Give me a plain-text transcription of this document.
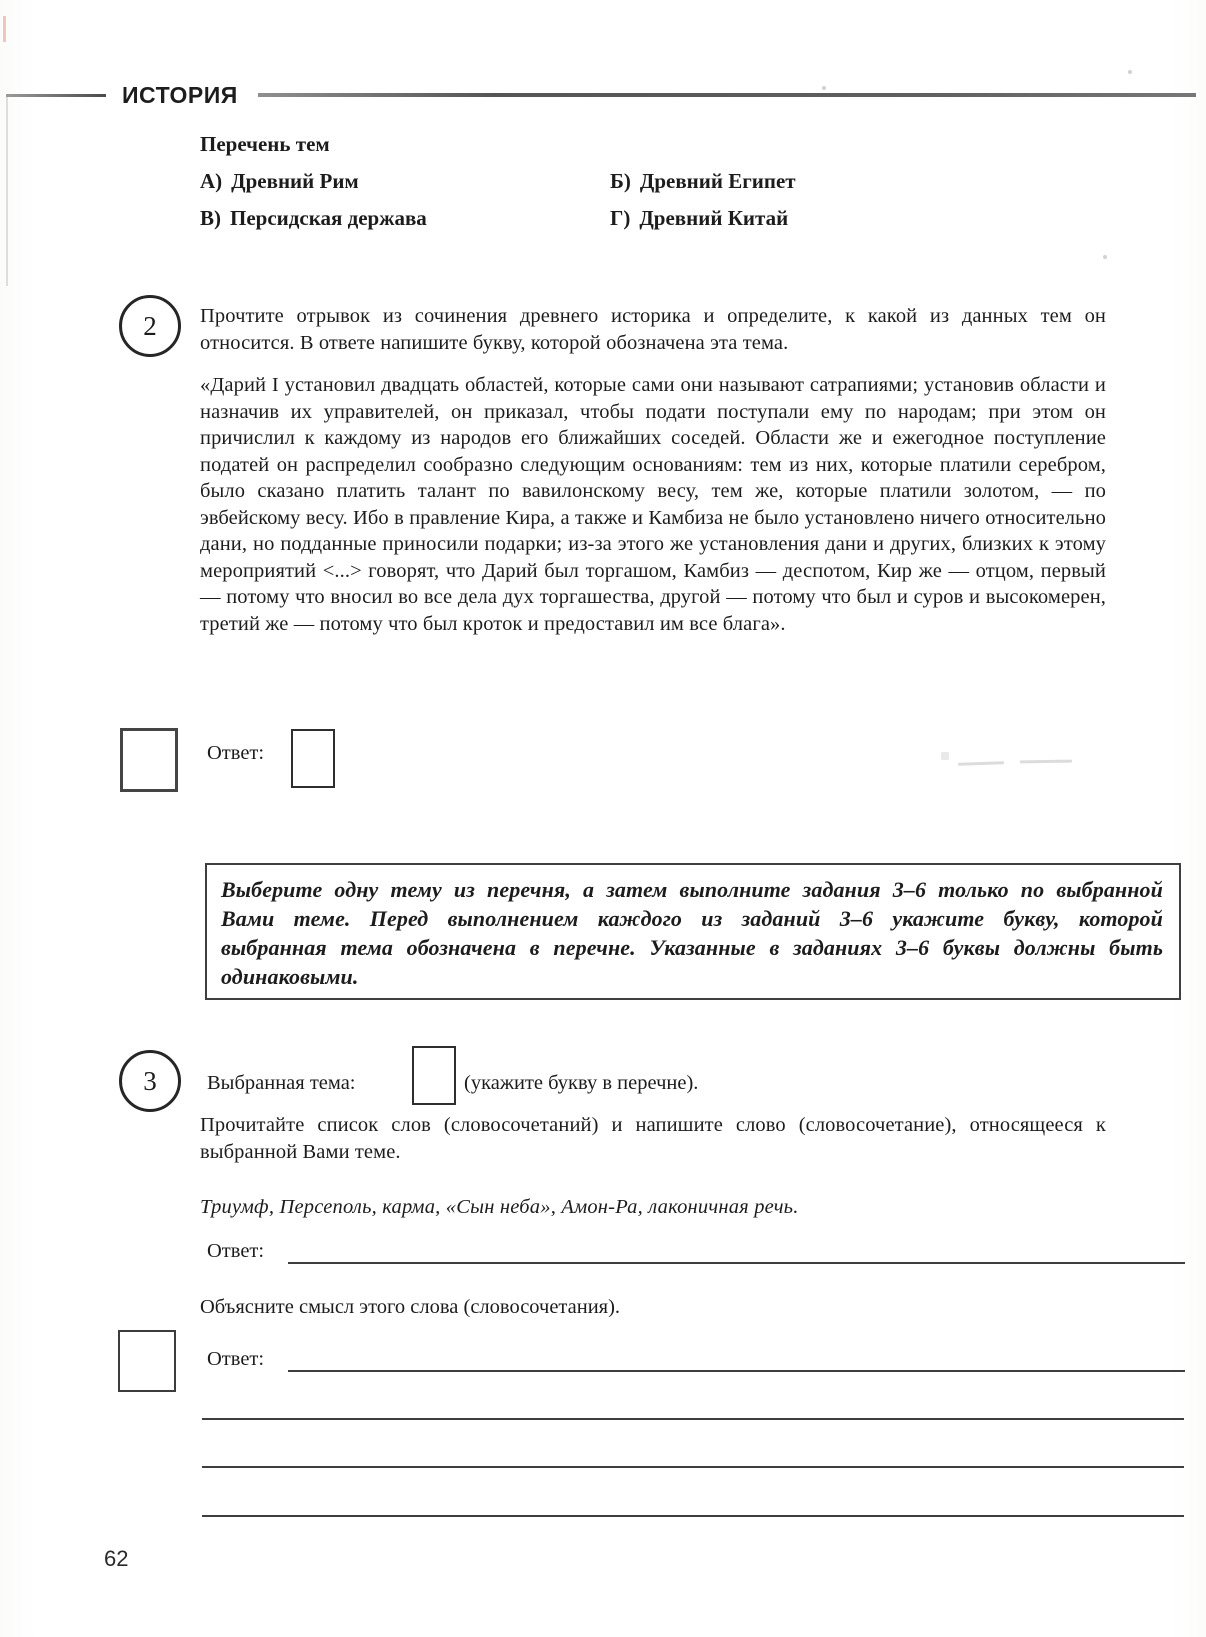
ИСТОРИЯ
Перечень тем
А) Древний Рим	Б) Древний Египет
В) Персидская держава	Г) Древний Китай
2 Прочтите отрывок из сочинения древнего историка и определите, к какой из данных тем он относится. В ответе напишите букву, которой обозначена эта тема.
«Дарий I установил двадцать областей, которые сами они называют сатрапиями; установив области и назначив их управителей, он приказал, чтобы подати поступали ему по народам; при этом он причислил к каждому из народов его ближайших соседей. Области же и ежегодное поступление податей он распределил сообразно следующим основаниям: тем из них, которые платили серебром, было сказано платить талант по вавилонскому весу, тем же, которые платили золотом, — по эвбейскому весу. Ибо в правление Кира, а также и Камбиза не было установлено ничего относительно дани, но подданные приносили подарки; из-за этого же установления дани и других, близких к этому мероприятий <...> говорят, что Дарий был торгашом, Камбиз — деспотом, Кир же — отцом, первый — потому что вносил во все дела дух торгашества, другой — потому что был и суров и высокомерен, третий же — потому что был кроток и предоставил им все блага».
Ответ:
Выберите одну тему из перечня, а затем выполните задания 3–6 только по выбранной Вами теме. Перед выполнением каждого из заданий 3–6 укажите букву, которой выбранная тема обозначена в перечне. Указанные в заданиях 3–6 буквы должны быть одинаковыми.
3 Выбранная тема:	(укажите букву в перечне).
Прочитайте список слов (словосочетаний) и напишите слово (словосочетание), относящееся к выбранной Вами теме.
Триумф, Персеполь, карма, «Сын неба», Амон-Ра, лаконичная речь.
Ответ:
Объясните смысл этого слова (словосочетания).
Ответ:
62
